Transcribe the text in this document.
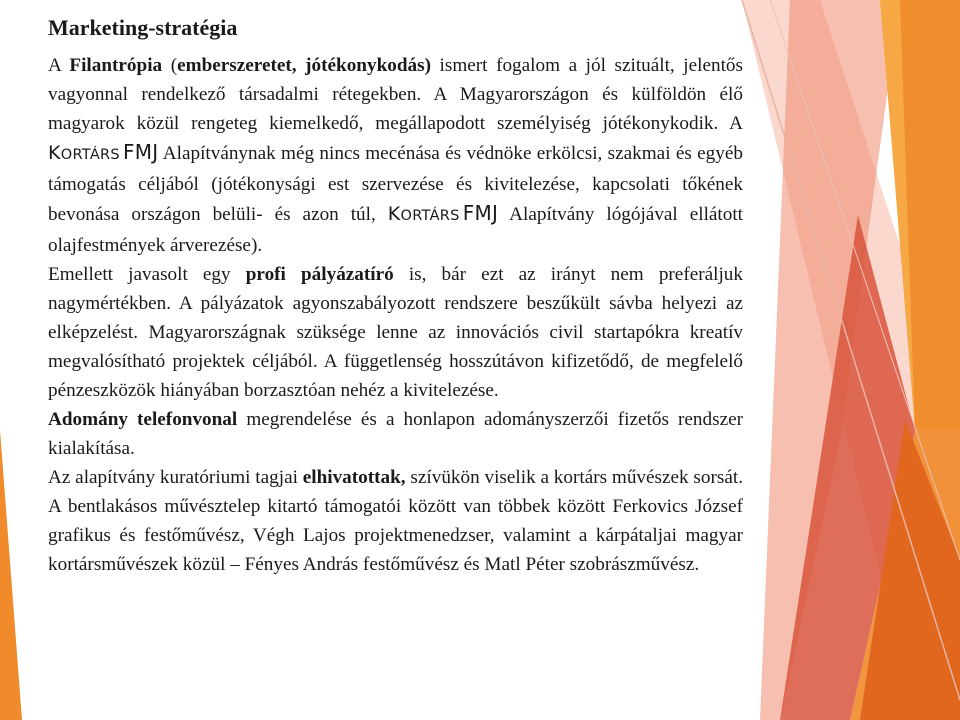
Marketing-stratégia

A Filantrópia (emberszeretet, jótékonykodás) ismert fogalom a jól szituált, jelentős vagyonnal rendelkező társadalmi rétegekben. A Magyarországon és külföldön élő magyarok közül rengeteg kiemelkedő, megállapodott személyiség jótékonykodik. A KORTÁRS FMJ Alapítványnak még nincs mecénása és védnöke erkölcsi, szakmai és egyéb támogatás céljából (jótékonysági est szervezése és kivitelezése, kapcsolati tőkének bevonása országon belüli- és azon túl, KORTÁRS FMJ Alapítvány lógójával ellátott olajfestmények árverezése).

Emellett javasolt egy profi pályázatíró is, bár ezt az irányt nem preferáljuk nagymértékben. A pályázatok agyonszabályozott rendszere beszűkült sávba helyezi az elképzelést. Magyarországnak szüksége lenne az innovációs civil startapókra kreatív megvalósítható projektek céljából. A függetlenség hosszútávon kifizetődő, de megfelelő pénzeszközök hiányában borzasztóan nehéz a kivitelezése.

Adomány telefonvonal megrendelése és a honlapon adományszerzői fizetős rendszer kialakítása.

Az alapítvány kuratóriumi tagjai elhivatottak, szívükön viselik a kortárs művészek sorsát. A bentlakásos művésztelep kitartó támogatói között van többek között Ferkovics József grafikus és festőművész, Végh Lajos projektmenedzser, valamint a kárpátaljai magyar kortársművészek közül – Fényes András festőművész és Matl Péter szobrászművész.
